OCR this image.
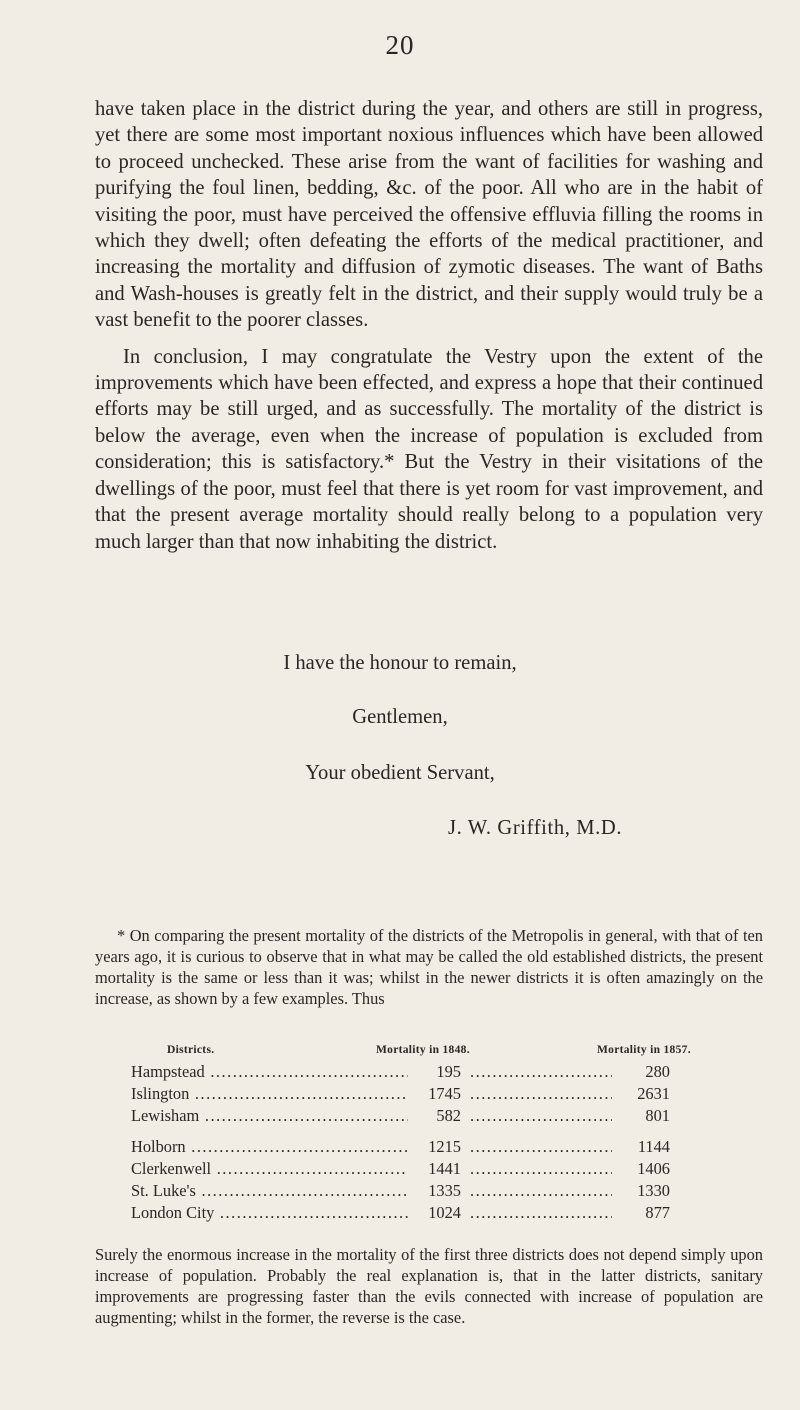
20

have taken place in the district during the year, and others are still in progress, yet there are some most important noxious influences which have been allowed to proceed unchecked. These arise from the want of facilities for washing and purifying the foul linen, bedding, &c. of the poor. All who are in the habit of visiting the poor, must have perceived the offensive effluvia filling the rooms in which they dwell; often defeating the efforts of the medical practitioner, and increasing the mortality and diffusion of zymotic diseases. The want of Baths and Wash-houses is greatly felt in the district, and their supply would truly be a vast benefit to the poorer classes.

In conclusion, I may congratulate the Vestry upon the extent of the improvements which have been effected, and express a hope that their continued efforts may be still urged, and as successfully. The mortality of the district is below the average, even when the increase of population is excluded from consideration; this is satisfactory.* But the Vestry in their visitations of the dwellings of the poor, must feel that there is yet room for vast improvement, and that the present average mortality should really belong to a population very much larger than that now inhabiting the district.

I have the honour to remain,
Gentlemen,
Your obedient Servant,
J. W. Griffith, M.D.

* On comparing the present mortality of the districts of the Metropolis in general, with that of ten years ago, it is curious to observe that in what may be called the old established districts, the present mortality is the same or less than it was; whilst in the newer districts it is often amazingly on the increase, as shown by a few examples. Thus

Districts.	Mortality in 1848.	Mortality in 1857.
Hampstead .....	195 .....	280
Islington .....	1745 .....	2631
Lewisham .....	582 .....	801
Holborn .....	1215 .....	1144
Clerkenwell .....	1441 .....	1406
St. Luke's .....	1335 .....	1330
London City .....	1024 .....	877

Surely the enormous increase in the mortality of the first three districts does not depend simply upon increase of population. Probably the real explanation is, that in the latter districts, sanitary improvements are progressing faster than the evils connected with increase of population are augmenting; whilst in the former, the reverse is the case.
